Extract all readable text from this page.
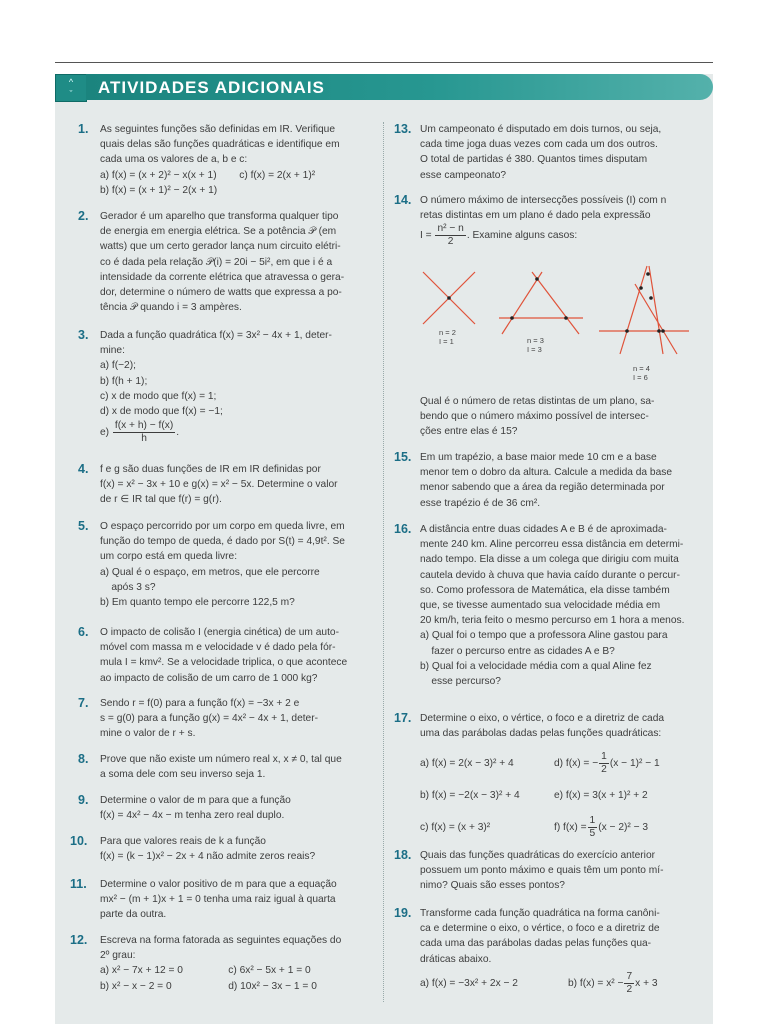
^
ˇ	ATIVIDADES ADICIONAIS
1. As seguintes funções são definidas em IR. Verifique
quais delas são funções quadráticas e identifique em
cada uma os valores de a, b e c:
a) f(x) = (x + 2)² − x(x + 1)        c) f(x) = 2(x + 1)²
b) f(x) = (x + 1)² − 2(x + 1)
2. Gerador é um aparelho que transforma qualquer tipo
de energia em energia elétrica. Se a potência 𝒫 (em
watts) que um certo gerador lança num circuito elétri-
co é dada pela relação 𝒫(i) = 20i − 5i², em que i é a
intensidade da corrente elétrica que atravessa o gera-
dor, determine o número de watts que expressa a po-
tência 𝒫 quando i = 3 ampères.
3. Dada a função quadrática f(x) = 3x² − 4x + 1, deter-
mine:
a) f(−2);
b) f(h + 1);
c) x de modo que f(x) = 1;
d) x de modo que f(x) = −1;
$e) \frac{f(x + h) - f(x)}{h}$ .
4. f e g são duas funções de IR em IR definidas por
f(x) = x² − 3x + 10 e g(x) = x² − 5x. Determine o valor
de r ∈ IR tal que f(r) = g(r).
5. O espaço percorrido por um corpo em queda livre, em
função do tempo de queda, é dado por S(t) = 4,9t². Se
um corpo está em queda livre:
a) Qual é o espaço, em metros, que ele percorre
após 3 s?
b) Em quanto tempo ele percorre 122,5 m?
6. O impacto de colisão I (energia cinética) de um auto-
móvel com massa m e velocidade v é dado pela fór-
mula I = kmv². Se a velocidade triplica, o que acontece
ao impacto de colisão de um carro de 1 000 kg?
7. Sendo r = f(0) para a função f(x) = −3x + 2 e
s = g(0) para a função g(x) = 4x² − 4x + 1, deter-
mine o valor de r + s.
8. Prove que não existe um número real x, x ≠ 0, tal que
a soma dele com seu inverso seja 1.
9. Determine o valor de m para que a função
f(x) = 4x² − 4x − m tenha zero real duplo.
10. Para que valores reais de k a função
f(x) = (k − 1)x² − 2x + 4 não admite zeros reais?
11. Determine o valor positivo de m para que a equação
mx² − (m + 1)x + 1 = 0 tenha uma raiz igual à quarta
parte da outra.
12. Escreva na forma fatorada as seguintes equações do
2º grau:
a) x² − 7x + 12 = 0                c) 6x² − 5x + 1 = 0
b) x² − x − 2 = 0                    d) 10x² − 3x − 1 = 0
13. Um campeonato é disputado em dois turnos, ou seja,
cada time joga duas vezes com cada um dos outros.
O total de partidas é 380. Quantos times disputam
esse campeonato?
14. O número máximo de intersecções possíveis (I) com n
retas distintas em um plano é dado pela expressão
$I = \frac{\text{n² − n}}{2}$ . Examine alguns casos:
Qual é o número de retas distintas de um plano, sa-
bendo que o número máximo possível de intersec-
ções entre elas é 15?
15. Em um trapézio, a base maior mede 10 cm e a base
menor tem o dobro da altura. Calcule a medida da base
menor sabendo que a área da região determinada por
esse trapézio é de 36 cm².
16. A distância entre duas cidades A e B é de aproximada-
mente 240 km. Aline percorreu essa distância em determi-
nado tempo. Ela disse a um colega que dirigiu com muita
cautela devido à chuva que havia caído durante o percur-
so. Como professora de Matemática, ela disse também
que, se tivesse aumentado sua velocidade média em
20 km/h, teria feito o mesmo percurso em 1 hora a menos.
a) Qual foi o tempo que a professora Aline gastou para
fazer o percurso entre as cidades A e B?
b) Qual foi a velocidade média com a qual Aline fez
esse percurso?
17. Determine o eixo, o vértice, o foco e a diretriz de cada
uma das parábolas dadas pelas funções quadráticas:
a) f(x) = 2(x − 3)² + 4	d) f(x) = − $\frac{1}{2} (x - 1)^2 - 1$
b) f(x) = −2(x − 3)² + 4	e) f(x) = 3(x + 1)² + 2
c) f(x) = (x + 3)²	f) $f(x) = \frac{1}{5} (x - 2)^2 - 3$
18. Quais das funções quadráticas do exercício anterior
possuem um ponto máximo e quais têm um ponto mí-
nimo? Quais são esses pontos?
19. Transforme cada função quadrática na forma canôni-
ca e determine o eixo, o vértice, o foco e a diretriz de
cada uma das parábolas dadas pelas funções qua-
dráticas abaixo.
a) f(x) = −3x² + 2x − 2	b) $f(x) = x^2 - \frac{7}{2}$ x + 3
n = 2
I = 1	n = 3
I = 3
n = 4
I = 6
